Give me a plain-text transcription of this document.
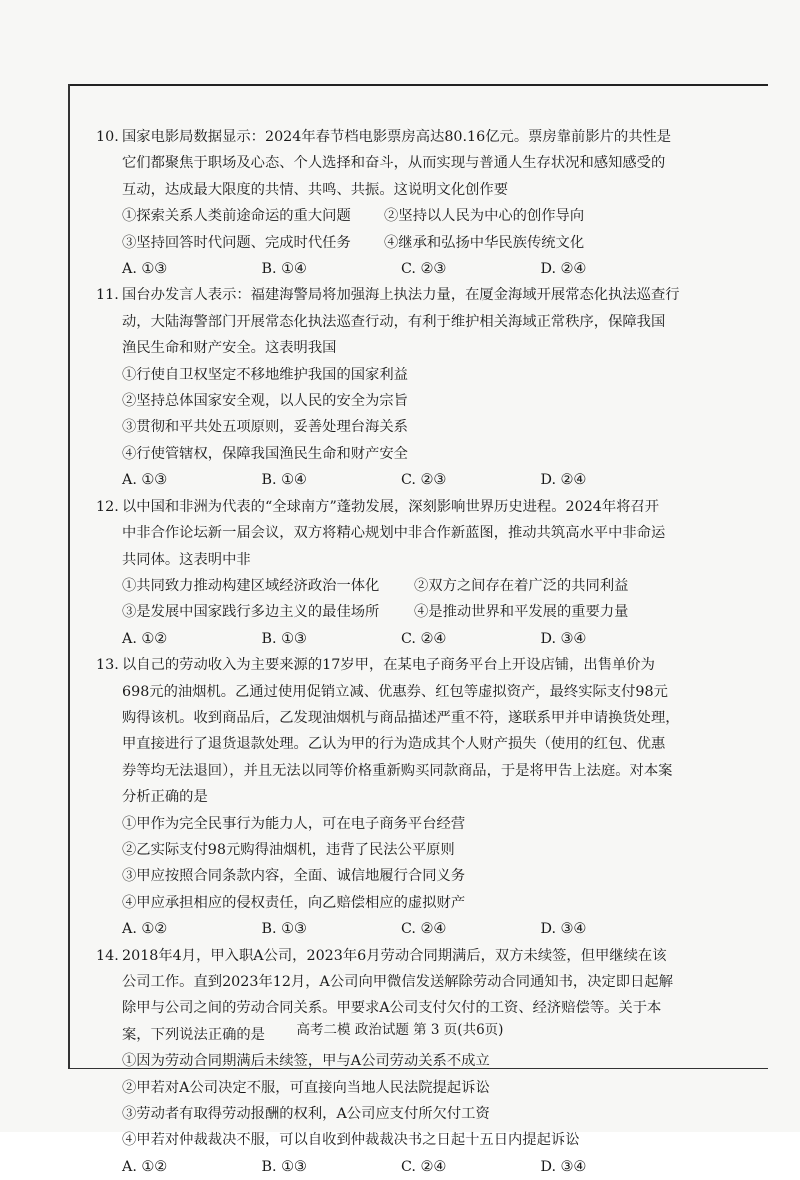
10. 国家电影局数据显示：2024年春节档电影票房高达80.16亿元。票房靠前影片的共性是
它们都聚焦于职场及心态、个人选择和奋斗，从而实现与普通人生存状况和感知感受的
互动，达成最大限度的共情、共鸣、共振。这说明文化创作要
①探索关系人类前途命运的重大问题	②坚持以人民为中心的创作导向
③坚持回答时代问题、完成时代任务	④继承和弘扬中华民族传统文化
A. ①③	B. ①④	C. ②③	D. ②④
11. 国台办发言人表示：福建海警局将加强海上执法力量，在厦金海域开展常态化执法巡查行
动，大陆海警部门开展常态化执法巡查行动，有利于维护相关海域正常秩序，保障我国
渔民生命和财产安全。这表明我国
①行使自卫权坚定不移地维护我国的国家利益
②坚持总体国家安全观，以人民的安全为宗旨
③贯彻和平共处五项原则，妥善处理台海关系
④行使管辖权，保障我国渔民生命和财产安全
A. ①③	B. ①④	C. ②③	D. ②④
12. 以中国和非洲为代表的“全球南方”蓬勃发展，深刻影响世界历史进程。2024年将召开
中非合作论坛新一届会议，双方将精心规划中非合作新蓝图，推动共筑高水平中非命运
共同体。这表明中非
①共同致力推动构建区域经济政治一体化	②双方之间存在着广泛的共同利益
③是发展中国家践行多边主义的最佳场所	④是推动世界和平发展的重要力量
A. ①②	B. ①③	C. ②④	D. ③④
13. 以自己的劳动收入为主要来源的17岁甲，在某电子商务平台上开设店铺，出售单价为
698元的油烟机。乙通过使用促销立减、优惠券、红包等虚拟资产，最终实际支付98元
购得该机。收到商品后，乙发现油烟机与商品描述严重不符，遂联系甲并申请换货处理，
甲直接进行了退货退款处理。乙认为甲的行为造成其个人财产损失（使用的红包、优惠
券等均无法退回），并且无法以同等价格重新购买同款商品，于是将甲告上法庭。对本案
分析正确的是
①甲作为完全民事行为能力人，可在电子商务平台经营
②乙实际支付98元购得油烟机，违背了民法公平原则
③甲应按照合同条款内容，全面、诚信地履行合同义务
④甲应承担相应的侵权责任，向乙赔偿相应的虚拟财产
A. ①②	B. ①③	C. ②④	D. ③④
14. 2018年4月，甲入职A公司，2023年6月劳动合同期满后，双方未续签，但甲继续在该
公司工作。直到2023年12月，A公司向甲微信发送解除劳动合同通知书，决定即日起解
除甲与公司之间的劳动合同关系。甲要求A公司支付欠付的工资、经济赔偿等。关于本
案，下列说法正确的是
①因为劳动合同期满后未续签，甲与A公司劳动关系不成立
②甲若对A公司决定不服，可直接向当地人民法院提起诉讼
③劳动者有取得劳动报酬的权利，A公司应支付所欠付工资
④甲若对仲裁裁决不服，可以自收到仲裁裁决书之日起十五日内提起诉讼
A. ①②	B. ①③	C. ②④	D. ③④
高考二模 政治试题 第 3 页(共6页)
